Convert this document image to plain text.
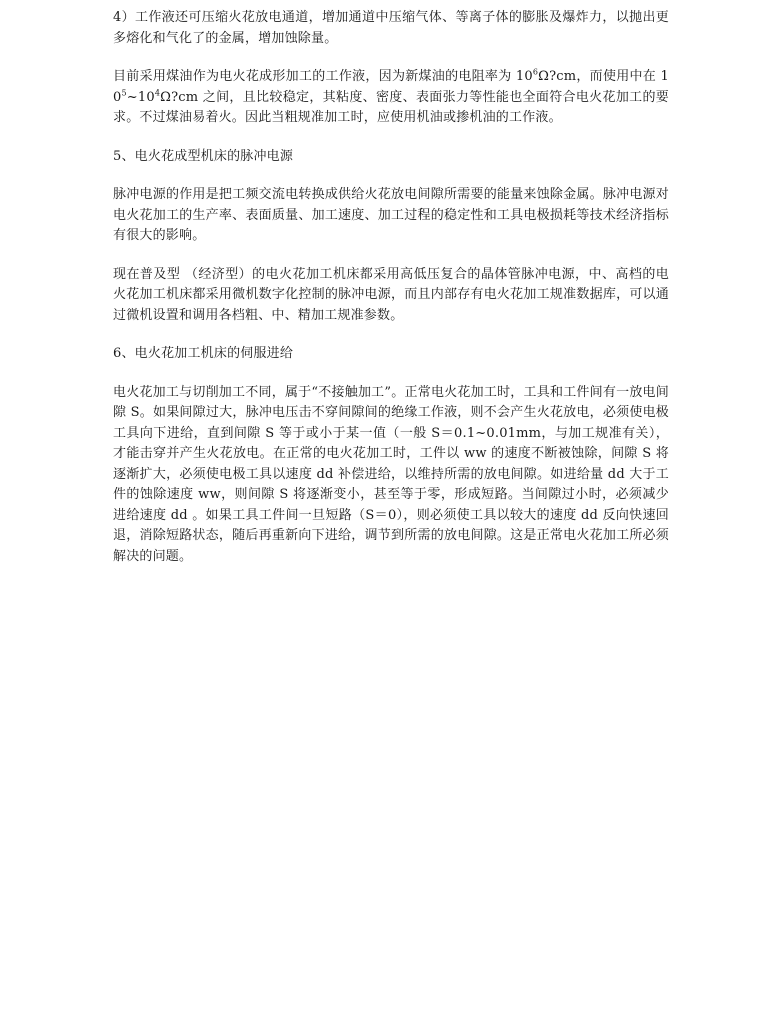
4）工作液还可压缩火花放电通道，增加通道中压缩气体、等离子体的膨胀及爆炸力，以抛出更多熔化和气化了的金属，增加蚀除量。

目前采用煤油作为电火花成形加工的工作液，因为新煤油的电阻率为 $10^6\Omega?cm$，而使用中在 $10^5\sim 10^4\Omega?cm$ 之间，且比较稳定，其粘度、密度、表面张力等性能也全面符合电火花加工的要求。不过煤油易着火。因此当粗规准加工时，应使用机油或掺机油的工作液。

5、电火花成型机床的脉冲电源

脉冲电源的作用是把工频交流电转换成供给火花放电间隙所需要的能量来蚀除金属。脉冲电源对电火花加工的生产率、表面质量、加工速度、加工过程的稳定性和工具电极损耗等技术经济指标有很大的影响。

现在普及型 （经济型）的电火花加工机床都采用高低压复合的晶体管脉冲电源，中、高档的电火花加工机床都采用微机数字化控制的脉冲电源，而且内部存有电火花加工规准数据库，可以通过微机设置和调用各档粗、中、精加工规准参数。

6、电火花加工机床的伺服进给

电火花加工与切削加工不同，属于“不接触加工”。正常电火花加工时，工具和工件间有一放电间隙 S。如果间隙过大，脉冲电压击不穿间隙间的绝缘工作液，则不会产生火花放电，必须使电极工具向下进给，直到间隙 S 等于或小于某一值（一般 S＝0.1~0.01mm，与加工规准有关），才能击穿并产生火花放电。在正常的电火花加工时，工件以 ww 的速度不断被蚀除，间隙 S 将逐渐扩大，必须使电极工具以速度 dd 补偿进给，以维持所需的放电间隙。如进给量 dd 大于工件的蚀除速度 ww，则间隙 S 将逐渐变小，甚至等于零，形成短路。当间隙过小时，必须减少进给速度 dd 。如果工具工件间一旦短路（S＝0），则必须使工具以较大的速度 dd 反向快速回退，消除短路状态，随后再重新向下进给，调节到所需的放电间隙。这是正常电火花加工所必须解决的问题。
